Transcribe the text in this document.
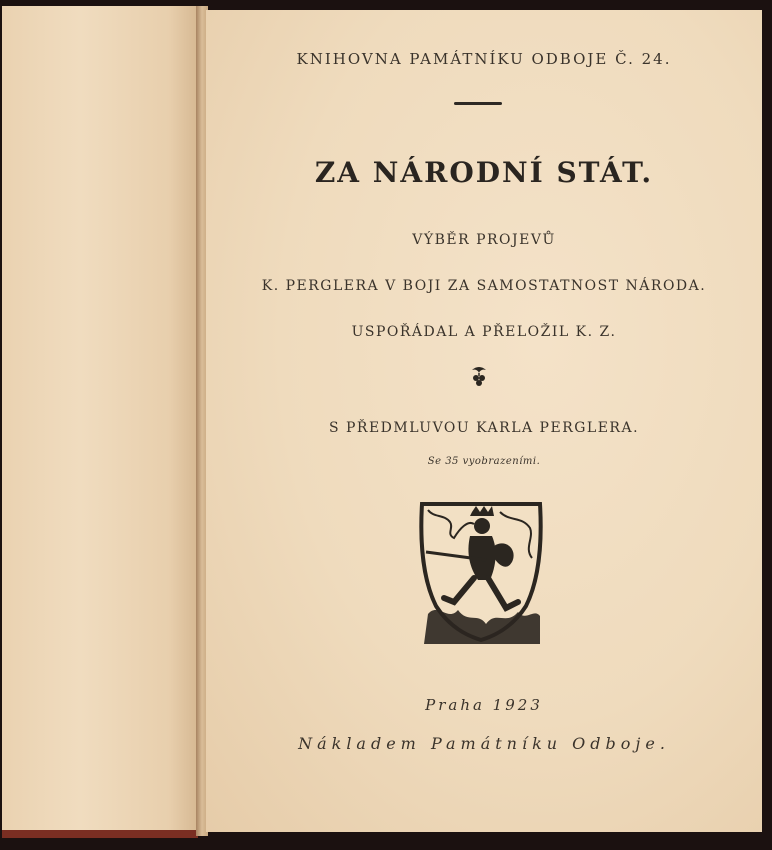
KNIHOVNA PAMÁTNÍKU ODBOJE Č. 24.
ZA NÁRODNÍ STÁT.
VÝBĚR PROJEVŮ
K. PERGLERA V BOJI ZA SAMOSTATNOST NÁRODA.
USPOŘÁDAL A PŘELOŽIL K. Z.
S PŘEDMLUVOU KARLA PERGLERA.
Se 35 vyobrazeními.
Praha 1923
Nákladem Památníku Odboje.
